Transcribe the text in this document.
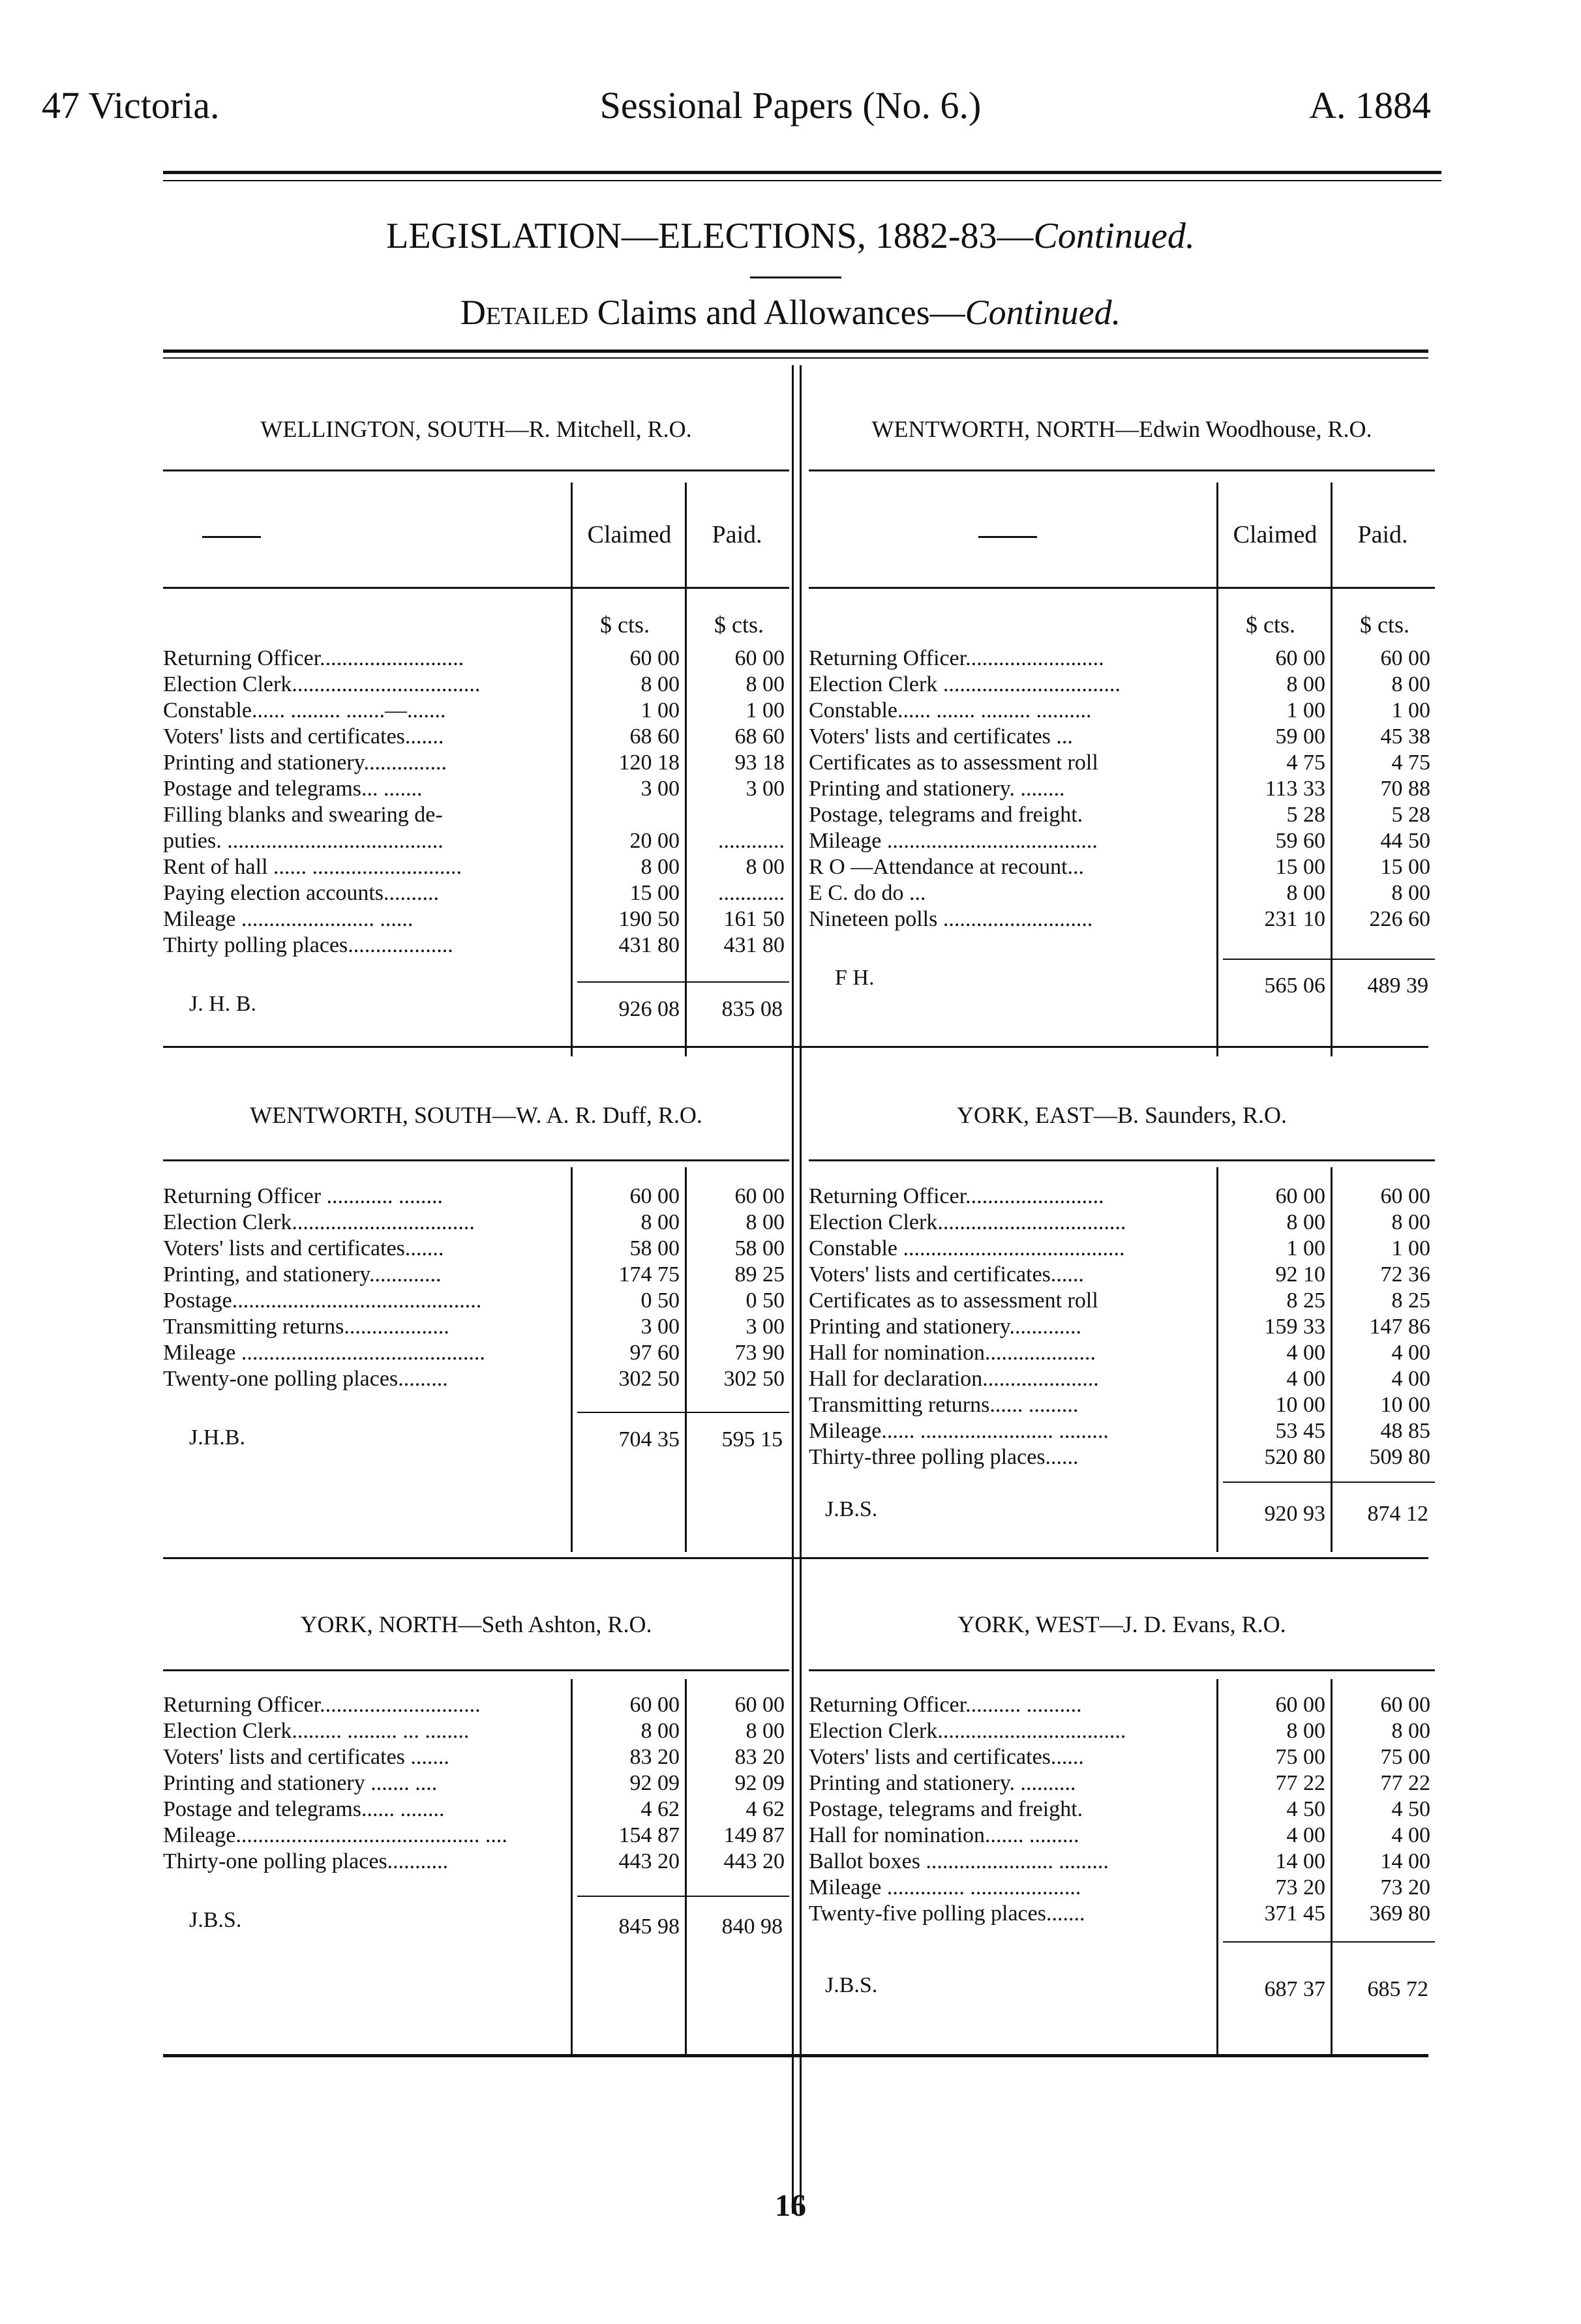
47 Victoria.	Sessional Papers (No. 6.)	A. 1884
LEGISLATION—ELECTIONS, 1882-83—Continued.
Detailed Claims and Allowances—Continued.
WELLINGTON, SOUTH—R. Mitchell, R.O.
Claimed	Paid.
$ cts.	$ cts.
Returning Officer..........................	60 00	60 00
Election Clerk..................................	8 00	8 00
Constable...... ......... .......—.......	1 00	1 00
Voters' lists and certificates.......	68 60	68 60
Printing and stationery...............	120 18	93 18
Postage and telegrams... .......	3 00	3 00
Filling blanks and swearing de-
puties. .......................................	20 00	............
Rent of hall ...... ...........................	8 00	8 00
Paying election accounts..........	15 00	............
Mileage ........................ ......	190 50	161 50
Thirty polling places...................	431 80	431 80
J. H. B.	926 08	835 08
WENTWORTH, NORTH—Edwin Woodhouse, R.O.
Claimed	Paid.
$ cts.	$ cts.
Returning Officer.........................	60 00	60 00
Election Clerk ................................	8 00	8 00
Constable...... ....... ......... ..........	1 00	1 00
Voters' lists and certificates ...	59 00	45 38
Certificates as to assessment roll	4 75	4 75
Printing and stationery. ........	113 33	70 88
Postage, telegrams and freight.	5 28	5 28
Mileage ......................................	59 60	44 50
R O —Attendance at recount...	15 00	15 00
E C. do do ...	8 00	8 00
Nineteen polls ...........................	231 10	226 60
F H.	565 06	489 39
WENTWORTH, SOUTH—W. A. R. Duff, R.O.
Returning Officer ............ ........	60 00	60 00
Election Clerk.................................	8 00	8 00
Voters' lists and certificates.......	58 00	58 00
Printing, and stationery.............	174 75	89 25
Postage.............................................	0 50	0 50
Transmitting returns...................	3 00	3 00
Mileage ............................................	97 60	73 90
Twenty-one polling places.........	302 50	302 50
J.H.B.	704 35	595 15
YORK, EAST—B. Saunders, R.O.
Returning Officer.........................	60 00	60 00
Election Clerk..................................	8 00	8 00
Constable ........................................	1 00	1 00
Voters' lists and certificates......	92 10	72 36
Certificates as to assessment roll	8 25	8 25
Printing and stationery.............	159 33	147 86
Hall for nomination....................	4 00	4 00
Hall for declaration.....................	4 00	4 00
Transmitting returns...... .........	10 00	10 00
Mileage...... ........................ .........	53 45	48 85
Thirty-three polling places......	520 80	509 80
J.B.S.	920 93	874 12
YORK, NORTH—Seth Ashton, R.O.
Returning Officer.............................	60 00	60 00
Election Clerk......... ......... ... ........	8 00	8 00
Voters' lists and certificates .......	83 20	83 20
Printing and stationery ....... ....	92 09	92 09
Postage and telegrams...... ........	4 62	4 62
Mileage............................................ ....	154 87	149 87
Thirty-one polling places...........	443 20	443 20
J.B.S.	845 98	840 98
YORK, WEST—J. D. Evans, R.O.
Returning Officer.......... ..........	60 00	60 00
Election Clerk..................................	8 00	8 00
Voters' lists and certificates......	75 00	75 00
Printing and stationery. ..........	77 22	77 22
Postage, telegrams and freight.	4 50	4 50
Hall for nomination....... .........	4 00	4 00
Ballot boxes ....................... .........	14 00	14 00
Mileage .............. ....................	73 20	73 20
Twenty-five polling places.......	371 45	369 80
J.B.S.	687 37	685 72
16
